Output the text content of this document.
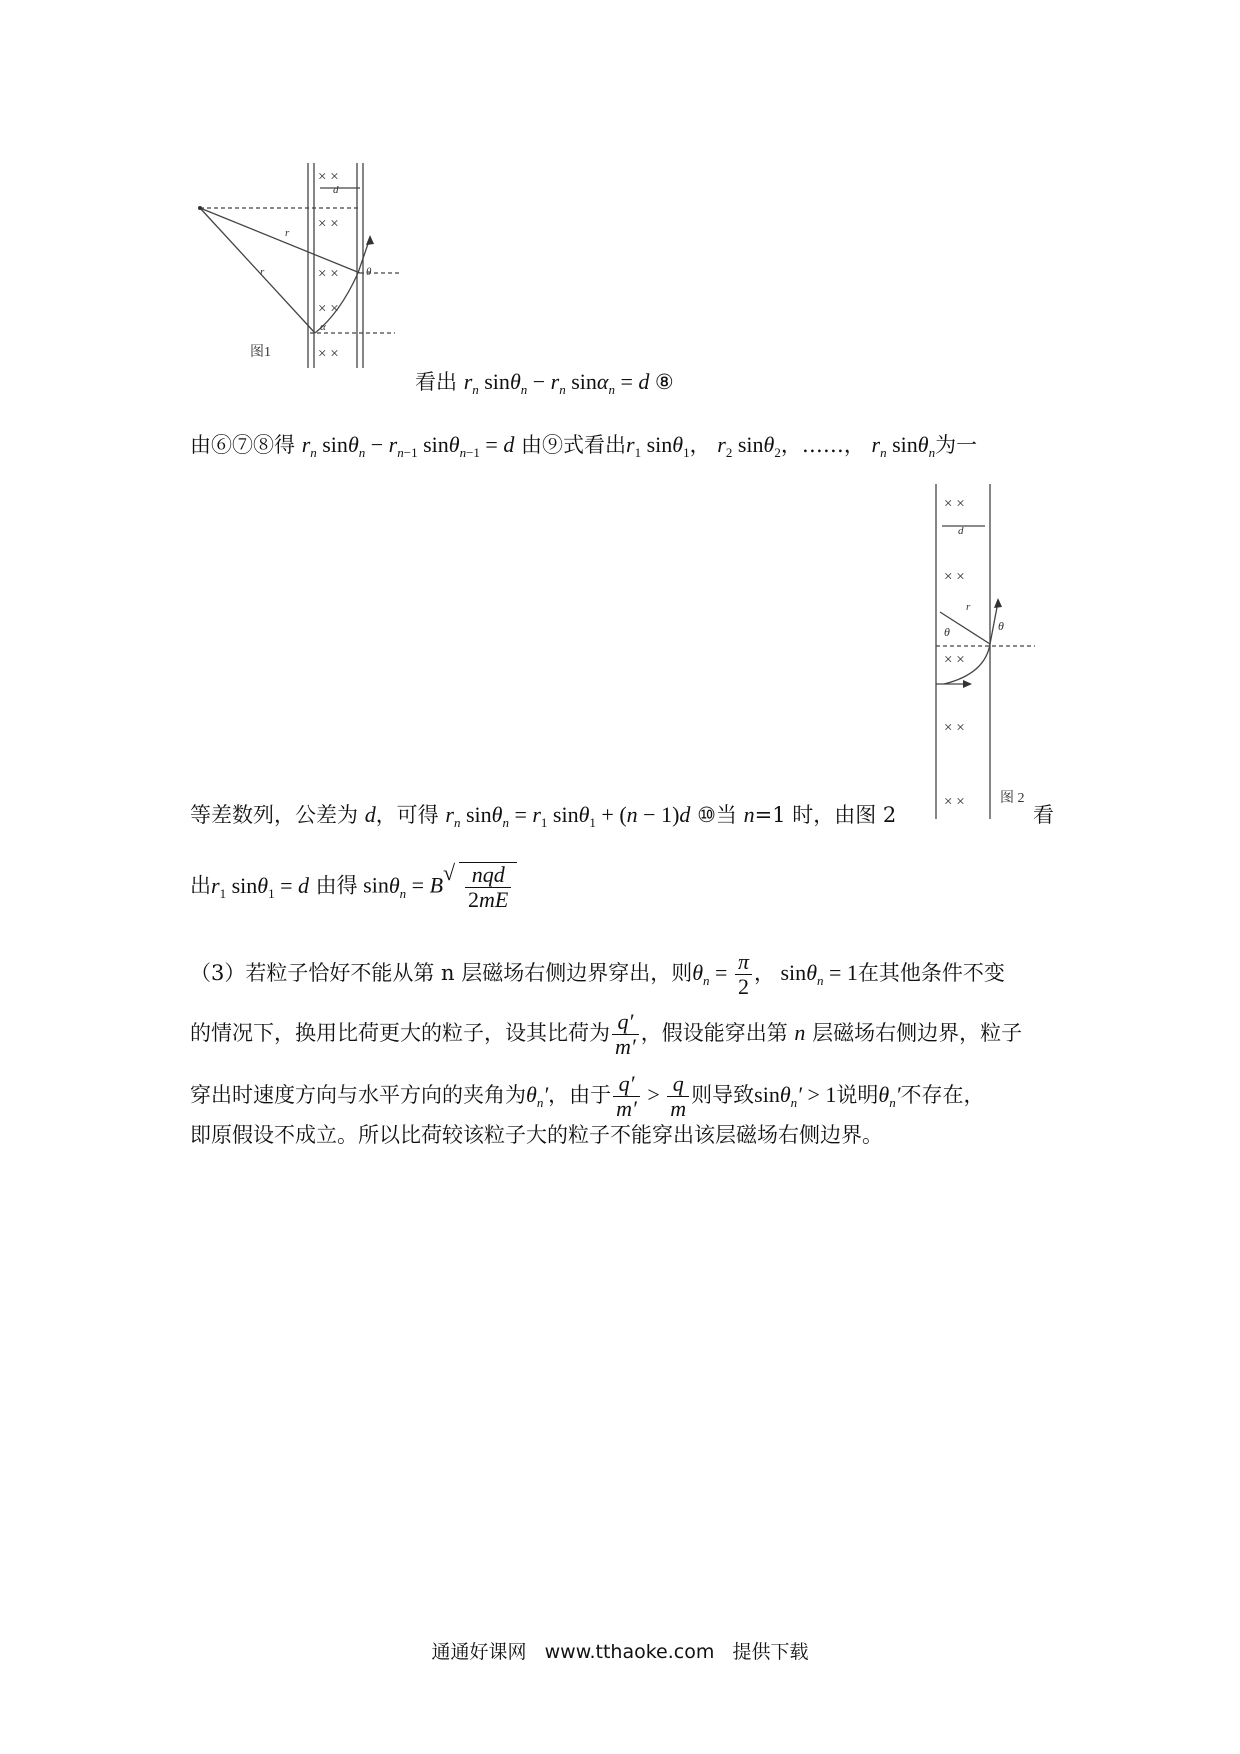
× ×
× ×
× ×
× ×
× ×
d
r
r	θ
α
图1
看出 $r_n$ $\sin\theta_n - r_n$ sinα$_n$ = d ⑧
由⑥⑦⑧得 $r_n$ $\sin\theta_n - r_{n-1}$ sinθ$_{n-1}$ = d 由⑨式看出$r_1$ sinθ$_1$， $r_2$ sinθ$_2$，……， $r_n$ sinθ$_n$为一
× ×
× ×
× ×
× ×
× ×
d
r
θ	θ
图 2
等差数列，公差为 d，可得 $r_n$ $\sin\theta_n = r_1$ sinθ$_1$ + (n − 1)d ⑩当 n=1 时，由图 2	看
出$r_1$ sinθ$_1$ = d 由得 sinθ$_n$ = B √ $\frac{\text{nqd}}{2mE}$
（3）若粒子恰好不能从第 n 层磁场右侧边界穿出，则$\theta_n = \frac{\pi}{2}$ ， sinθ$_n$ = 1在其他条件不变
的情况下，换用比荷更大的粒子，设其比荷为 $\frac{q'}{m'}$ ，假设能穿出第 n 层磁场右侧边界，粒子
穿出时速度方向与水平方向的夹角为$\theta_n'$，由于 $\frac{q'}{m'} > \frac{q}{m}$ 则导致sinθ$_n$′ > 1说明$\theta_n'$不存在，
即原假设不成立。所以比荷较该粒子大的粒子不能穿出该层磁场右侧边界。
通通好课网 www.tthaoke.com 提供下载
